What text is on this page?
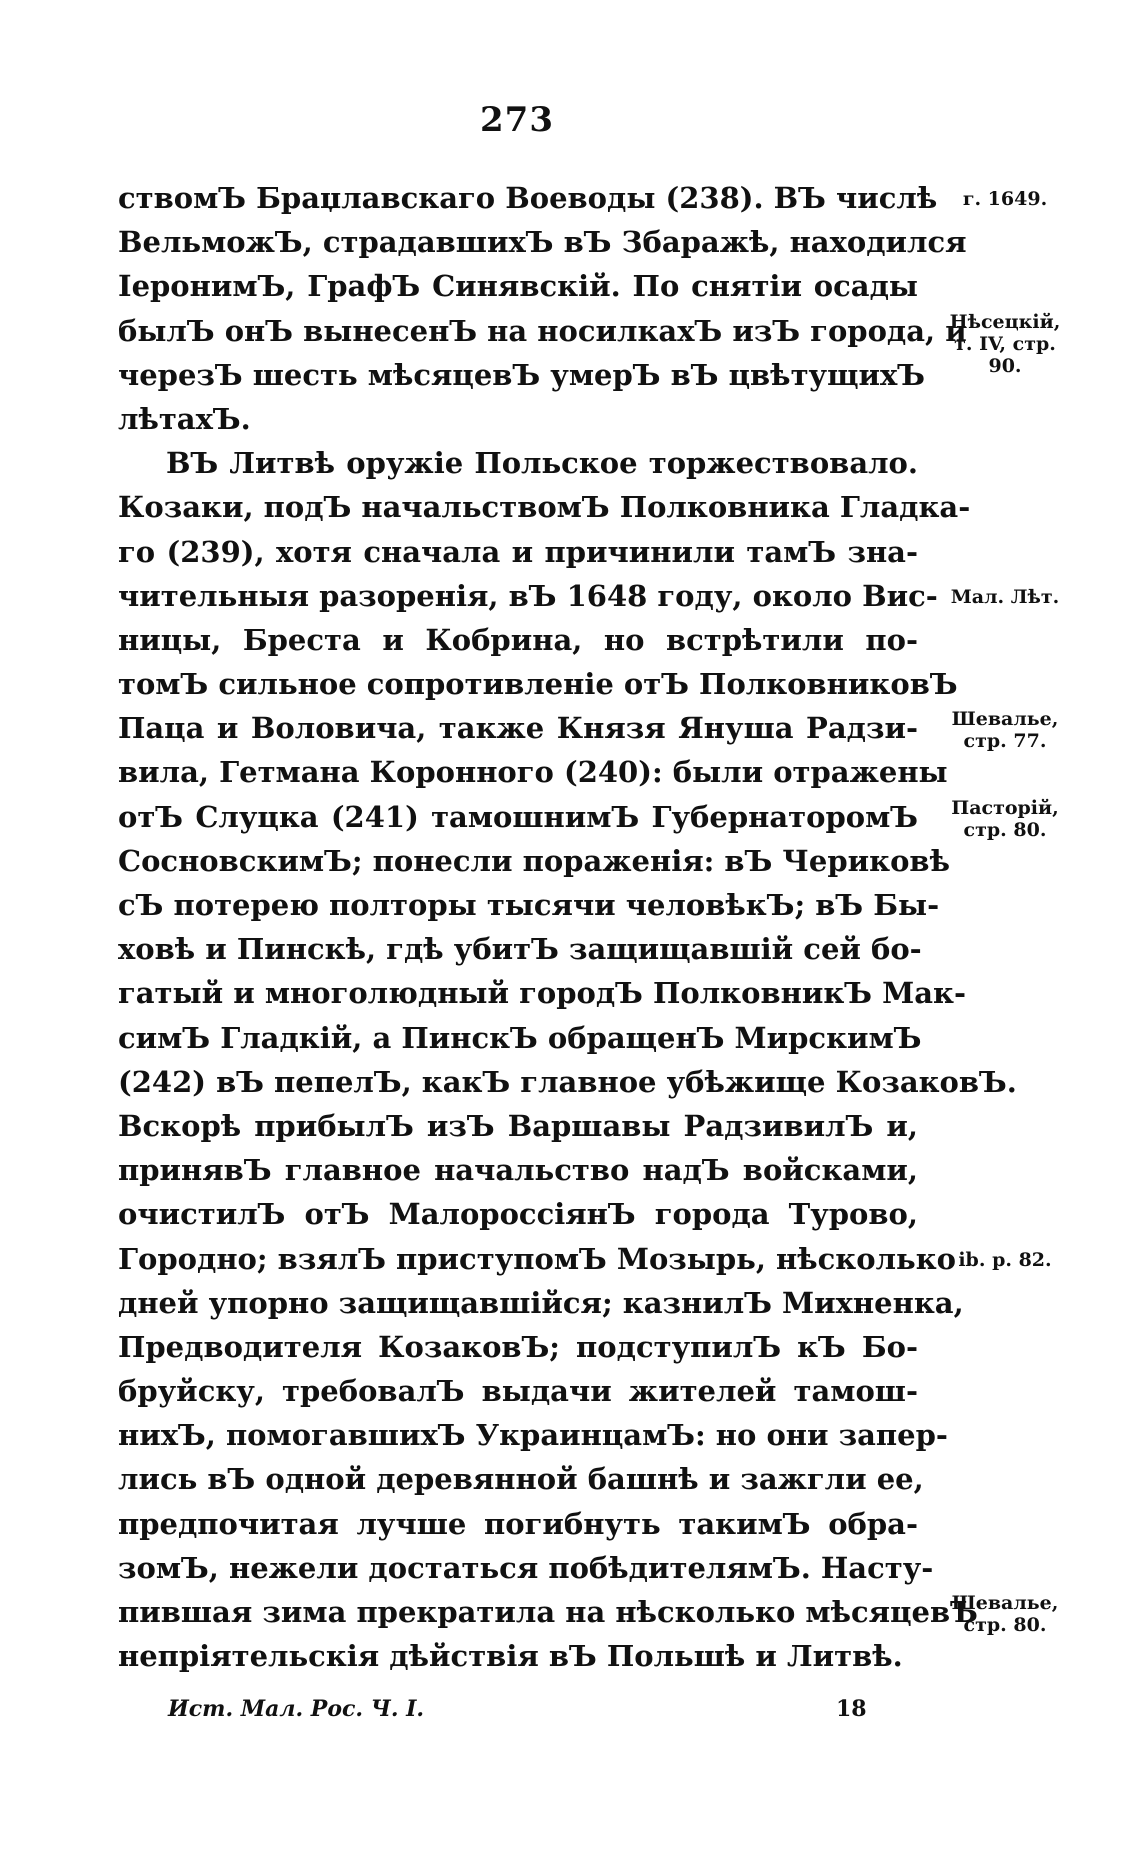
273
ствомЪ Браџлавскаго Воеводы (238). ВЪ числѣ
ВельможЪ, страдавшихЪ вЪ Збаражѣ, находился
ІеронимЪ, ГрафЪ Синявскій. По снятіи осады
былЪ онЪ вынесенЪ на носилкахЪ изЪ города, и
черезЪ шесть мѣсяцевЪ умерЪ вЪ цвѣтущихЪ
лѣтахЪ.
ВЪ Литвѣ оружіе Польское торжествовало.
Козаки, подЪ начальствомЪ Полковника Гладка-
го (239), хотя сначала и причинили тамЪ зна-
чительныя разоренія, вЪ 1648 году, около Вис-
ницы, Бреста и Кобрина, но встрѣтили по-
томЪ сильное сопротивленіе отЪ ПолковниковЪ
Паца и Воловича, также Князя Януша Радзи-
вила, Гетмана Коронного (240): были отражены
отЪ Слуцка (241) тамошнимЪ ГубернаторомЪ
СосновскимЪ; понесли пораженія: вЪ Чериковѣ
сЪ потерею полторы тысячи человѣкЪ; вЪ Бы-
ховѣ и Пинскѣ, гдѣ убитЪ защищавшій сей бо-
гатый и многолюдный городЪ ПолковникЪ Мак-
симЪ Гладкій, а ПинскЪ обращенЪ МирскимЪ
(242) вЪ пепелЪ, какЪ главное убѣжище КозаковЪ.
Вскорѣ прибылЪ изЪ Варшавы РадзивилЪ и,
принявЪ главное начальство надЪ войсками,
очистилЪ отЪ МалороссіянЪ города Турово,
Городно; взялЪ приступомЪ Мозырь, нѣсколько
дней упорно защищавшійся; казнилЪ Михненка,
Предводителя КозаковЪ; подступилЪ кЪ Бо-
бруйску, требовалЪ выдачи жителей тамош-
нихЪ, помогавшихЪ УкраинцамЪ: но они запер-
лись вЪ одной деревянной башнѣ и зажгли ее,
предпочитая лучше погибнуть такимЪ обра-
зомЪ, нежели достаться побѣдителямЪ. Насту-
пившая зима прекратила на нѣсколько мѣсяцевЪ
непріятельскія дѣйствія вЪ Польшѣ и Литвѣ.
г. 1649.
Нѣсецкій,
т. IV, стр.
90.
Мал. Лѣт.
Шевалье,
стр. 77.
Пасторій,
стр. 80.
ib. p. 82.
Шевалье,
стр. 80.
Ист. Мал. Рос. Ч. I.	18
